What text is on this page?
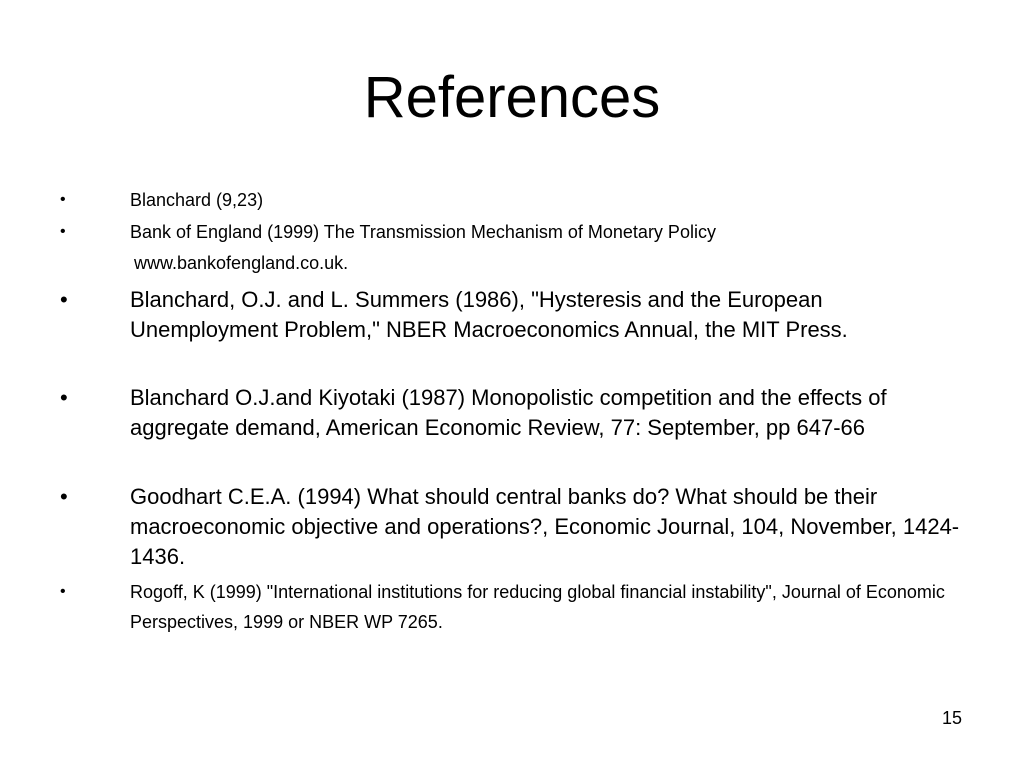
References
•	Blanchard (9,23)
•	Bank of England (1999) The Transmission Mechanism of Monetary Policy
•	Blanchard, O.J. and L. Summers (1986), "Hysteresis and the European Unemployment Problem," NBER Macroeconomics Annual, the MIT Press.
•	Blanchard O.J.and Kiyotaki (1987) Monopolistic competition and the effects of aggregate demand, American Economic Review, 77: September, pp 647-66
•	Goodhart C.E.A. (1994) What should central banks do? What should be their macroeconomic objective and operations?, Economic Journal, 104, November, 1424-1436.
•	Rogoff, K (1999) "International institutions for reducing global financial instability", Journal of Economic Perspectives, 1999 or NBER WP 7265.
www.bankofengland.co.uk.
15
